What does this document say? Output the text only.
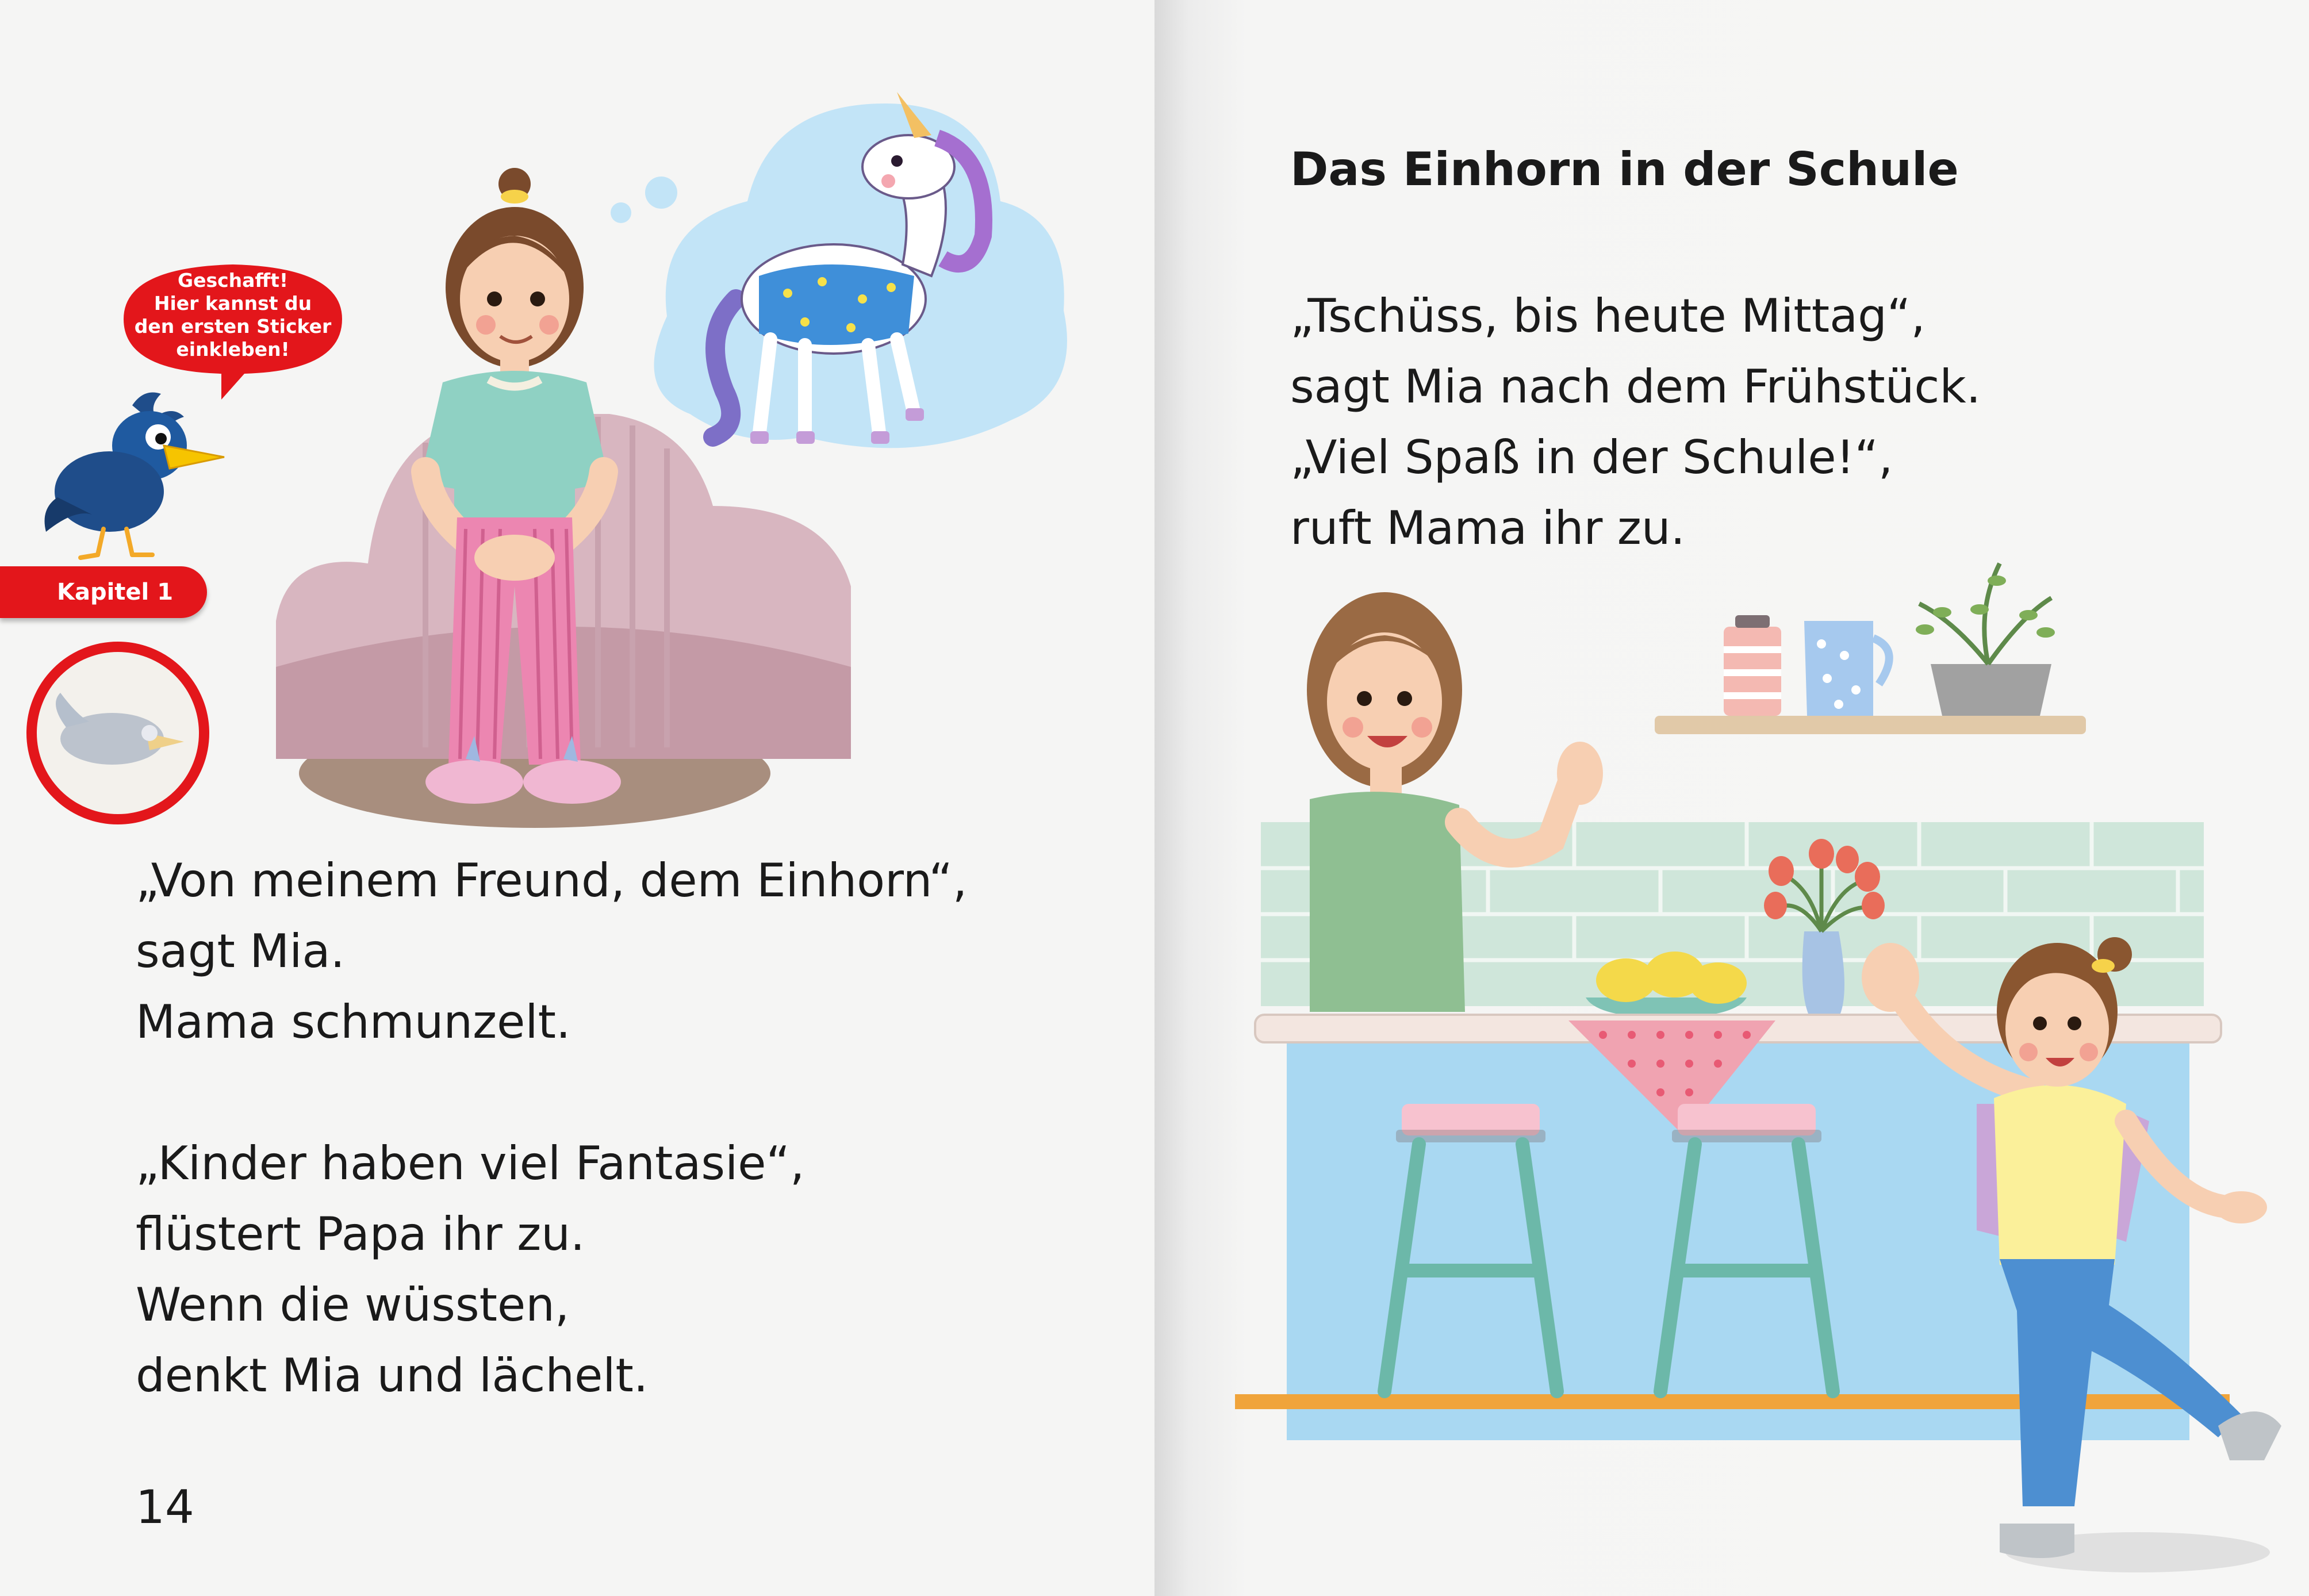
Geschafft!
Hier kannst du
den ersten Sticker
einkleben!
Kapitel 1

„Von meinem Freund, dem Einhorn“,
sagt Mia.
Mama schmunzelt.

„Kinder haben viel Fantasie“,
flüstert Papa ihr zu.
Wenn die wüssten,
denkt Mia und lächelt.

14
Das Einhorn in der Schule

„Tschüss, bis heute Mittag“,
sagt Mia nach dem Frühstück.
„Viel Spaß in der Schule!“,
ruft Mama ihr zu.
